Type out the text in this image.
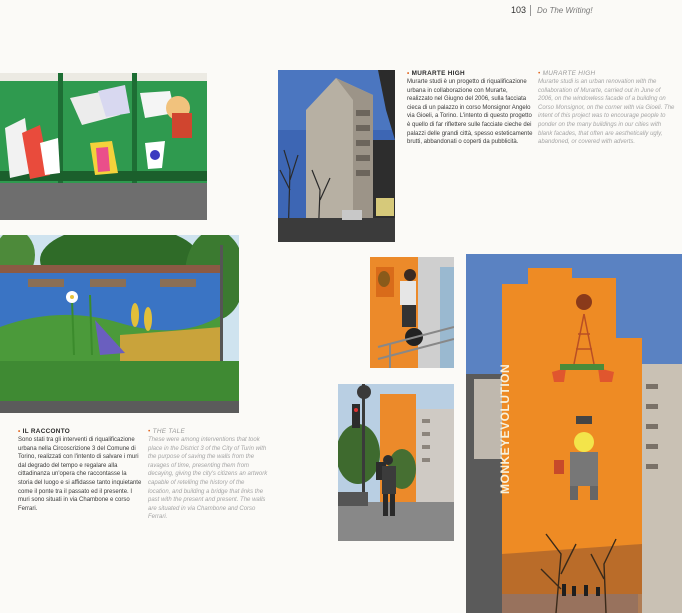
103 Do The Writing!
• MURARTE HIGH
Murarte studi è un progetto di riqualificazione urbana in collaborazione con Murarte, realizzato nel Giugno del 2006, sulla facciata cieca di un palazzo in corso Monsignor Angelo via Gioeli, a Torino. L'intento di questo progetto è quello di far riflettere sulle facciate cieche dei palazzi delle grandi città, spesso esteticamente brutti, abbandonati o coperti da pubblicità.
• MURARTE HIGH
Murarte studi is an urban renovation with the collaboration of Murarte, carried out in June of 2006, on the windowless facade of a building on Corso Monsignor, on the corner with via Gioeli. The intent of this project was to encourage people to ponder on the many buildings in our cities with blank facades, that often are aesthetically ugly, abandoned, or covered with adverts.
• IL RACCONTO
Sono stati tra gli interventi di riqualificazione urbana nella Circoscrizione 3 del Comune di Torino, realizzati con l'intento di salvare i muri dal degrado del tempo e regalare alla cittadinanza un'opera che raccontasse la storia del luogo e si affidasse tanto inquietante come il ponte tra il passato ed il presente. I muri sono situati in via Chambone e corso Ferrari.
• THE TALE
These were among interventions that took place in the District 3 of the City of Turin with the purpose of saving the walls from the ravages of time, presenting them from decaying, giving the city's citizens an artwork capable of retelling the history of the location, and building a bridge that links the past with the present and present. The walls are situated in via Chambone and Corso Ferrari.
MONKEYEVOLUTION
